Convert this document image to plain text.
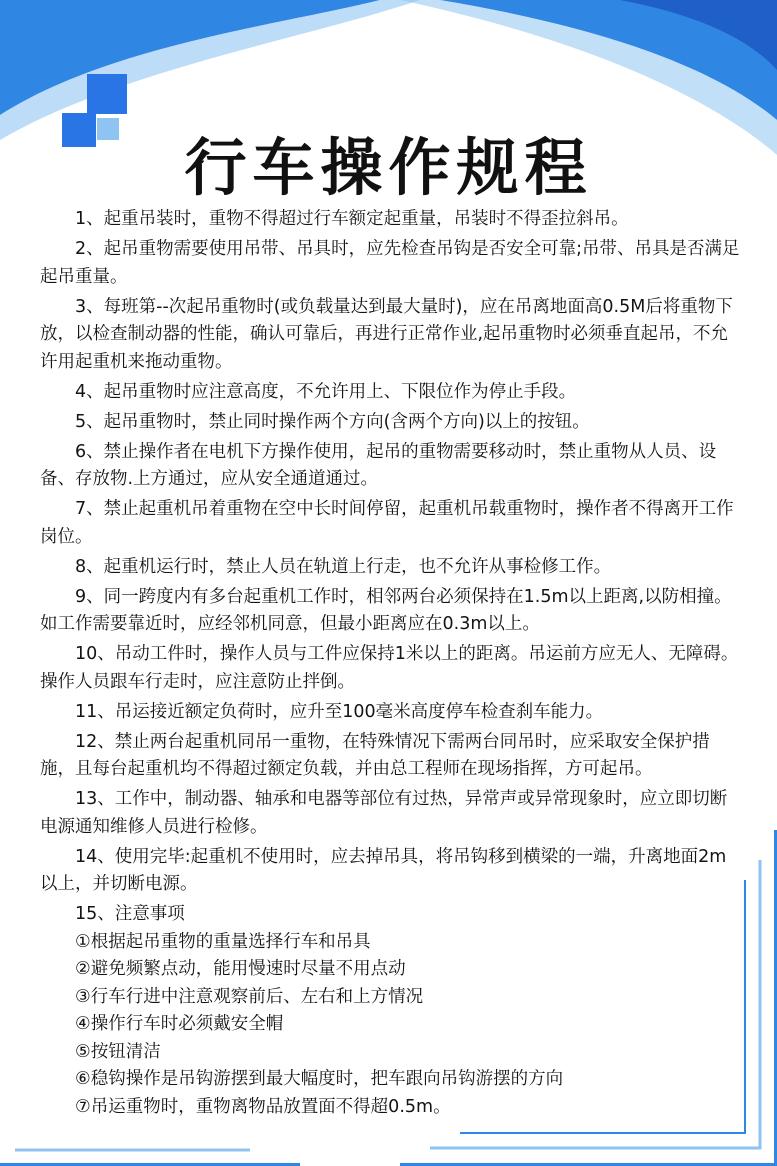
行车操作规程

1、起重吊装时，重物不得超过行车额定起重量，吊装时不得歪拉斜吊。

2、起吊重物需要使用吊带、吊具时，应先检查吊钩是否安全可靠;吊带、吊具是否满足起吊重量。

3、每班第--次起吊重物时(或负载量达到最大量时)，应在吊离地面高0.5M后将重物下放，以检查制动器的性能，确认可靠后，再进行正常作业,起吊重物时必须垂直起吊，不允许用起重机来拖动重物。

4、起吊重物时应注意高度，不允许用上、下限位作为停止手段。

5、起吊重物时，禁止同时操作两个方向(含两个方向)以上的按钮。

6、禁止操作者在电机下方操作使用，起吊的重物需要移动时，禁止重物从人员、设备、存放物.上方通过，应从安全通道通过。

7、禁止起重机吊着重物在空中长时间停留，起重机吊载重物时，操作者不得离开工作岗位。

8、起重机运行时，禁止人员在轨道上行走，也不允许从事检修工作。

9、同一跨度内有多台起重机工作时，相邻两台必须保持在1.5m以上距离,以防相撞。如工作需要靠近时，应经邻机同意，但最小距离应在0.3m以上。

10、吊动工件时，操作人员与工件应保持1米以上的距离。吊运前方应无人、无障碍。操作人员跟车行走时，应注意防止拌倒。

11、吊运接近额定负荷时，应升至100毫米高度停车检查刹车能力。

12、禁止两台起重机同吊一重物，在特殊情况下需两台同吊时，应采取安全保护措施，且每台起重机均不得超过额定负载，并由总工程师在现场指挥，方可起吊。

13、工作中，制动器、轴承和电器等部位有过热，异常声或异常现象时，应立即切断电源通知维修人员进行检修。

14、使用完毕:起重机不使用时，应去掉吊具，将吊钩移到横梁的一端，升离地面2m以上，并切断电源。

15、注意事项

①根据起吊重物的重量选择行车和吊具

②避免频繁点动，能用慢速时尽量不用点动

③行车行进中注意观察前后、左右和上方情况

④操作行车时必须戴安全帽

⑤按钮清洁

⑥稳钩操作是吊钩游摆到最大幅度时，把车跟向吊钩游摆的方向

⑦吊运重物时，重物离物品放置面不得超0.5m。
